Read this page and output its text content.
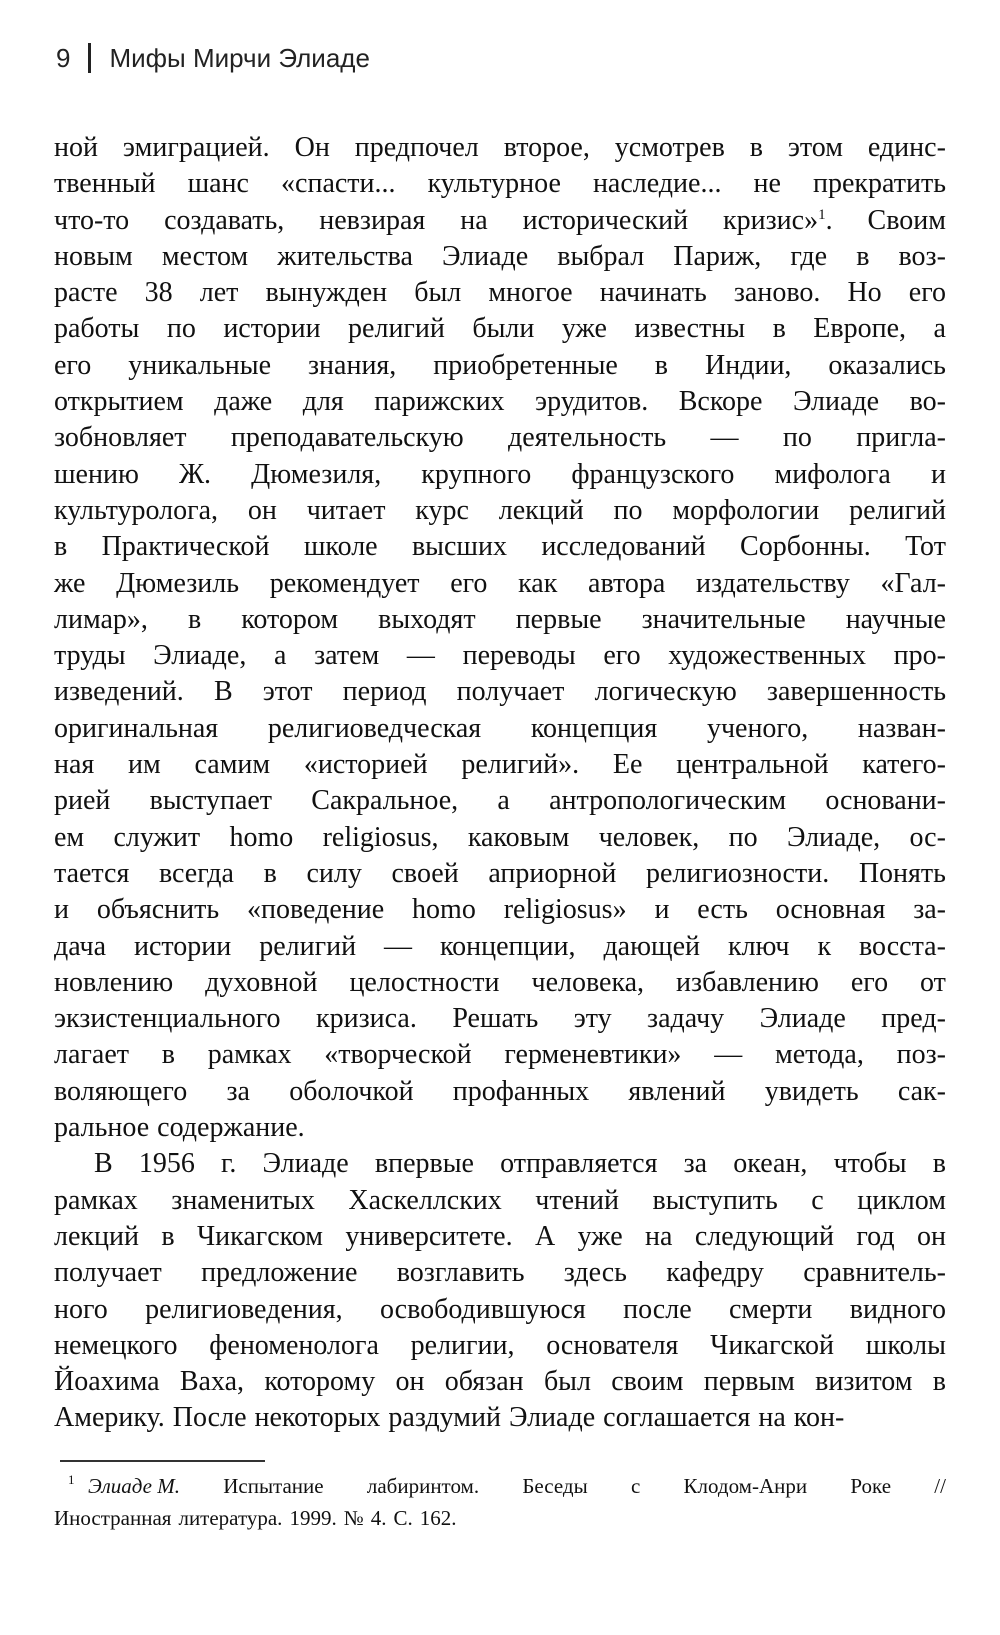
9 Мифы Мирчи Элиаде
ной эмиграцией. Он предпочел второе, усмотрев в этом единс-
твенный шанс «спасти... культурное наследие... не прекратить
что-то создавать, невзирая на исторический кризис»$^1$. Своим
новым местом жительства Элиаде выбрал Париж, где в воз-
расте 38 лет вынужден был многое начинать заново. Но его
работы по истории религий были уже известны в Европе, а
его уникальные знания, приобретенные в Индии, оказались
открытием даже для парижских эрудитов. Вскоре Элиаде во-
зобновляет преподавательскую деятельность — по пригла-
шению Ж. Дюмезиля, крупного французского мифолога и
культуролога, он читает курс лекций по морфологии религий
в Практической школе высших исследований Сорбонны. Тот
же Дюмезиль рекомендует его как автора издательству «Гал-
лимар», в котором выходят первые значительные научные
труды Элиаде, а затем — переводы его художественных про-
изведений. В этот период получает логическую завершенность
оригинальная религиоведческая концепция ученого, назван-
ная им самим «историей религий». Ее центральной катего-
рией выступает Сакральное, а антропологическим основани-
ем служит homo religiosus, каковым человек, по Элиаде, ос-
тается всегда в силу своей априорной религиозности. Понять
и объяснить «поведение homo religiosus» и есть основная за-
дача истории религий — концепции, дающей ключ к восста-
новлению духовной целостности человека, избавлению его от
экзистенциального кризиса. Решать эту задачу Элиаде пред-
лагает в рамках «творческой герменевтики» — метода, поз-
воляющего за оболочкой профанных явлений увидеть сак-
ральное содержание.
В 1956 г. Элиаде впервые отправляется за океан, чтобы в
рамках знаменитых Хаскеллских чтений выступить с циклом
лекций в Чикагском университете. А уже на следующий год он
получает предложение возглавить здесь кафедру сравнитель-
ного религиоведения, освободившуюся после смерти видного
немецкого феноменолога религии, основателя Чикагской школы
Йоахима Ваха, которому он обязан был своим первым визитом в
Америку. После некоторых раздумий Элиаде соглашается на кон-
1 Элиаде М. Испытание лабиринтом. Беседы с Клодом-Анри Роке //
Иностранная литература. 1999. № 4. С. 162.
